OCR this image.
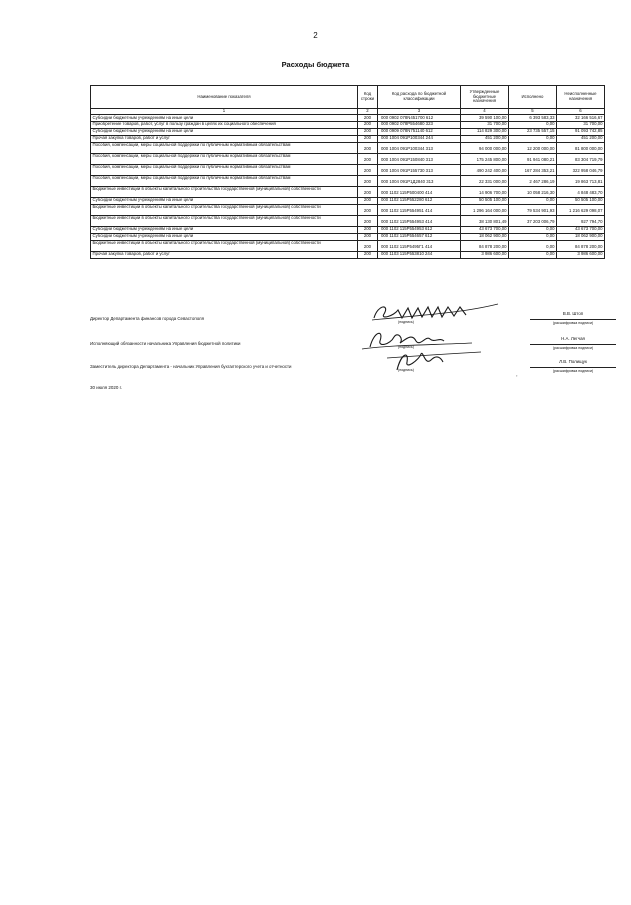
2
Расходы бюджета
Наименование показателя	Код строки	Код расхода по бюджетной классификации	Утвержденные бюджетные назначения	Исполнено	Неисполненные назначения
1	2	3	4	5	6
Субсидии бюджетным учреждениям на иные цели	200	000 0902 078N451700 612	39 590 100,00	6 393 583,33	32 166 516,67
Приобретение товаров, работ, услуг в пользу граждан в целях их социального обеспечения	200	000 0902 078P554680 323	31 700,00	0,00	31 700,00
Субсидии бюджетным учреждениям на иные цели	200	000 0909 078N751140 612	114 829 300,00	23 735 557,15	91 093 742,85
Прочая закупка товаров, работ и услуг	200	000 1004 091P100344 244	451 200,00	0,00	451 200,00
Пособия, компенсации, меры социальной поддержки по публичным нормативным обязательствам	200	000 1004 091P100344 313	94 000 000,00	12 200 000,00	81 800 000,00
Пособия, компенсации, меры социальной поддержки по публичным нормативным обязательствам	200	000 1004 091P150840 313	175 245 800,00	91 941 080,21	83 304 719,79
Пособия, компенсации, меры социальной поддержки по публичным нормативным обязательствам	200	000 1004 091P155730 313	490 242 400,00	167 284 353,21	322 958 046,79
Пособия, компенсации, меры социальной поддержки по публичным нормативным обязательствам	200	000 1004 091P1Д2840 313	22 331 000,00	2 467 286,19	19 863 713,81
Бюджетные инвестиции в объекты капитального строительства государственной (муниципальной) собственности	200	000 1102 115P500400 414	14 906 700,00	10 058 216,30	4 848 483,70
Субсидии бюджетным учреждениям на иные цели	200	000 1102 115P552280 612	50 505 100,00	0,00	50 505 100,00
Бюджетные инвестиции в объекты капитального строительства государственной (муниципальной) собственности	200	000 1102 115P554951 414	1 296 164 000,00	79 534 901,93	1 216 629 098,07
Бюджетные инвестиции в объекты капитального строительства государственной (муниципальной) собственности	200	000 1102 115P554953 414	38 130 801,49	37 203 006,79	927 794,70
Субсидии бюджетным учреждениям на иные цели	200	000 1102 115P554953 612	43 673 700,00	0,00	43 673 700,00
Субсидии бюджетным учреждениям на иные цели	200	000 1102 115P554657 612	18 062 900,00	0,00	18 062 900,00
Бюджетные инвестиции в объекты капитального строительства государственной (муниципальной) собственности	200	000 1102 115P5495Г1 414	84 878 200,00	0,00	84 878 200,00
Прочая закупка товаров, работ и услуг	200	000 1103 115P553810 244	3 986 600,00	0,00	3 986 600,00
Директор Департамента финансов города Севастополя
(подпись)
В.В. Штоп
(расшифровка подписи)
Исполняющий обязанности начальника Управления бюджетной политики
(подпись)
Н.А. Легчая
(расшифровка подписи)
Заместитель директора Департамента - начальник Управления бухгалтерского учета и отчетности
(подпись)
Л.В. Полищук
(расшифровка подписи)
30 июля 2020 г.
,
